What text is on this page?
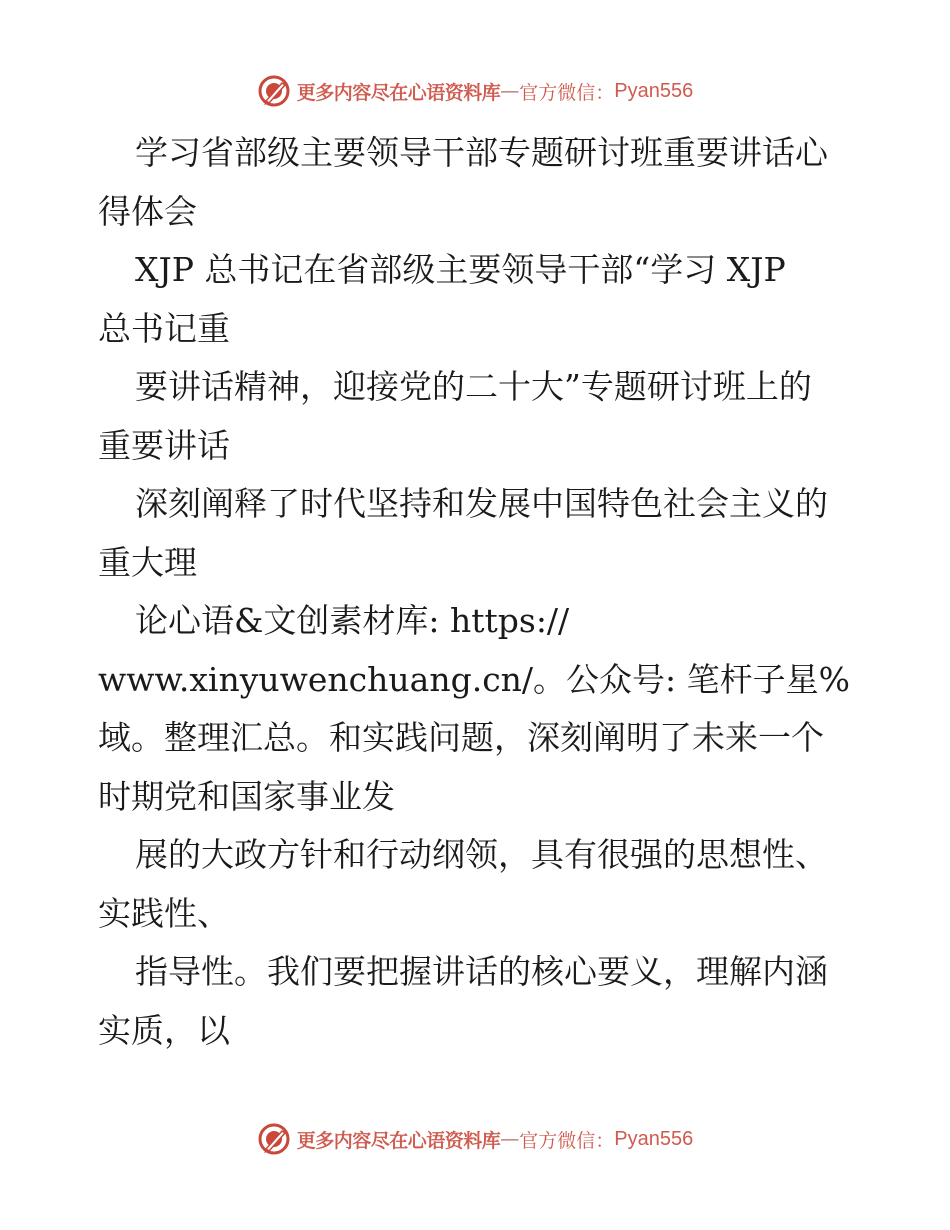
更多内容尽在心语资料库 — 官方微信： Pyan556
学习省部级主要领导干部专题研讨班重要讲话心
得体会
XJP 总书记在省部级主要领导干部“学习 XJP
总书记重
要讲话精神，迎接党的二十大”专题研讨班上的
重要讲话
深刻阐释了时代坚持和发展中国特色社会主义的
重大理
论心语&文创素材库: https://
www.xinyuwenchuang.cn/。公众号: 笔杆子星%
域。整理汇总。和实践问题，深刻阐明了未来一个
时期党和国家事业发
展的大政方针和行动纲领，具有很强的思想性、
实践性、
指导性。我们要把握讲话的核心要义，理解内涵
实质，以
更多内容尽在心语资料库 — 官方微信： Pyan556
